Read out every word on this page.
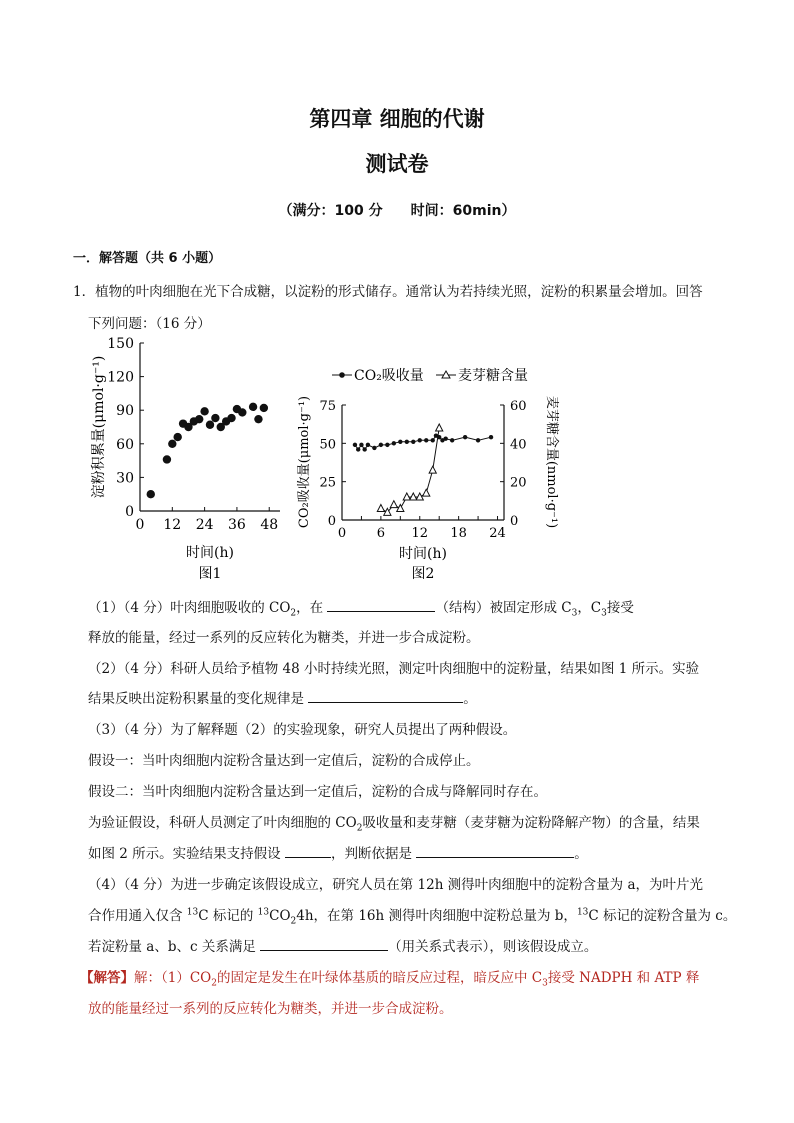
第四章 细胞的代谢
测试卷
（满分：100 分　　时间：60min）
一．解答题（共 6 小题）
1．植物的叶肉细胞在光下合成糖，以淀粉的形式储存。通常认为若持续光照，淀粉的积累量会增加。回答
下列问题：（16 分）
0
30
60
90
120
150
0 12 24 36 48
淀粉积累量(μmol·g⁻¹)
时间(h)
图1
CO₂吸收量 麦芽糖含量
0
25
50
75
0
20
40
60
0 6 12 18 24
CO₂吸收量(μmol·g⁻¹)	麦芽糖含量(nmol·g⁻¹)
时间(h)
图2
（1）（4 分）叶肉细胞吸收的 $CO_2$，在	（结构）被固定形成 $C_3$，$C_3$接受
释放的能量，经过一系列的反应转化为糖类，并进一步合成淀粉。
（2）（4 分）科研人员给予植物 48 小时持续光照，测定叶肉细胞中的淀粉量，结果如图 1 所示。实验
结果反映出淀粉积累量的变化规律是	。
（3）（4 分）为了解释题（2）的实验现象，研究人员提出了两种假设。
假设一：当叶肉细胞内淀粉含量达到一定值后，淀粉的合成停止。
假设二：当叶肉细胞内淀粉含量达到一定值后，淀粉的合成与降解同时存在。
为验证假设，科研人员测定了叶肉细胞的 $CO_2$吸收量和麦芽糖（麦芽糖为淀粉降解产物）的含量，结果
如图 2 所示。实验结果支持假设	，判断依据是	。
（4）（4 分）为进一步确定该假设成立，研究人员在第 12h 测得叶肉细胞中的淀粉含量为 a，为叶片光
合作用通入仅含 $^{13}$C 标记的 $^{13}CO_24h$，在第 16h 测得叶肉细胞中淀粉总量为 b，$^{13}$C 标记的淀粉含量为 c。
若淀粉量 a、b、c 关系满足	（用关系式表示），则该假设成立。
【解答】解：$(1)CO_2$的固定是发生在叶绿体基质的暗反应过程，暗反应中 $C_3$接受 NADPH 和 ATP 释
放的能量经过一系列的反应转化为糖类，并进一步合成淀粉。
